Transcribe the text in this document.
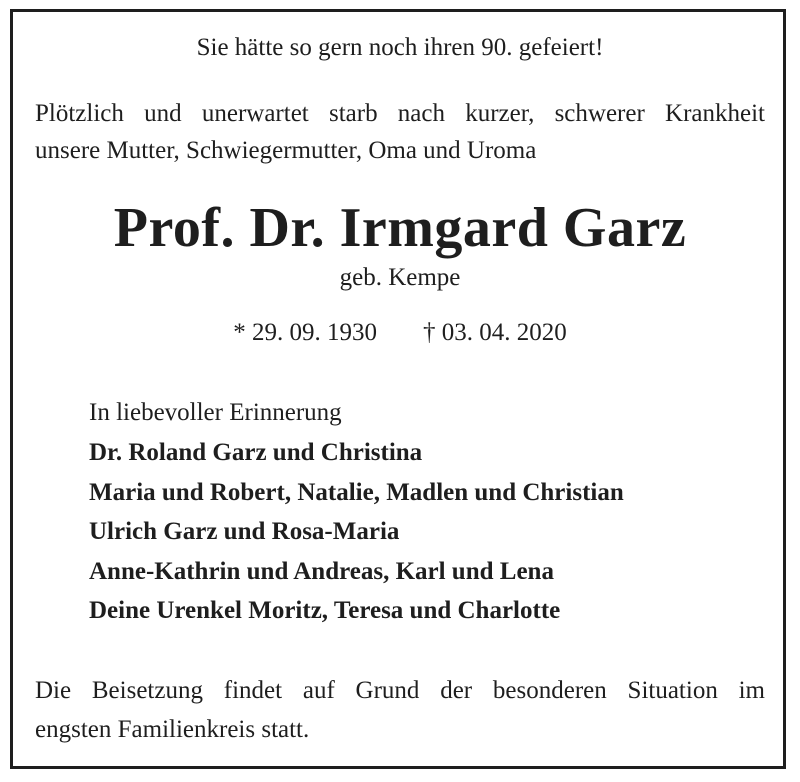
Sie hätte so gern noch ihren 90. gefeiert!
Plötzlich und unerwartet starb nach kurzer, schwerer Krankheit
unsere Mutter, Schwiegermutter, Oma und Uroma
Prof. Dr. Irmgard Garz
geb. Kempe
* 29. 09. 1930 † 03. 04. 2020
In liebevoller Erinnerung
Dr. Roland Garz und Christina
Maria und Robert, Natalie, Madlen und Christian
Ulrich Garz und Rosa-Maria
Anne-Kathrin und Andreas, Karl und Lena
Deine Urenkel Moritz, Teresa und Charlotte
Die Beisetzung findet auf Grund der besonderen Situation im
engsten Familienkreis statt.
